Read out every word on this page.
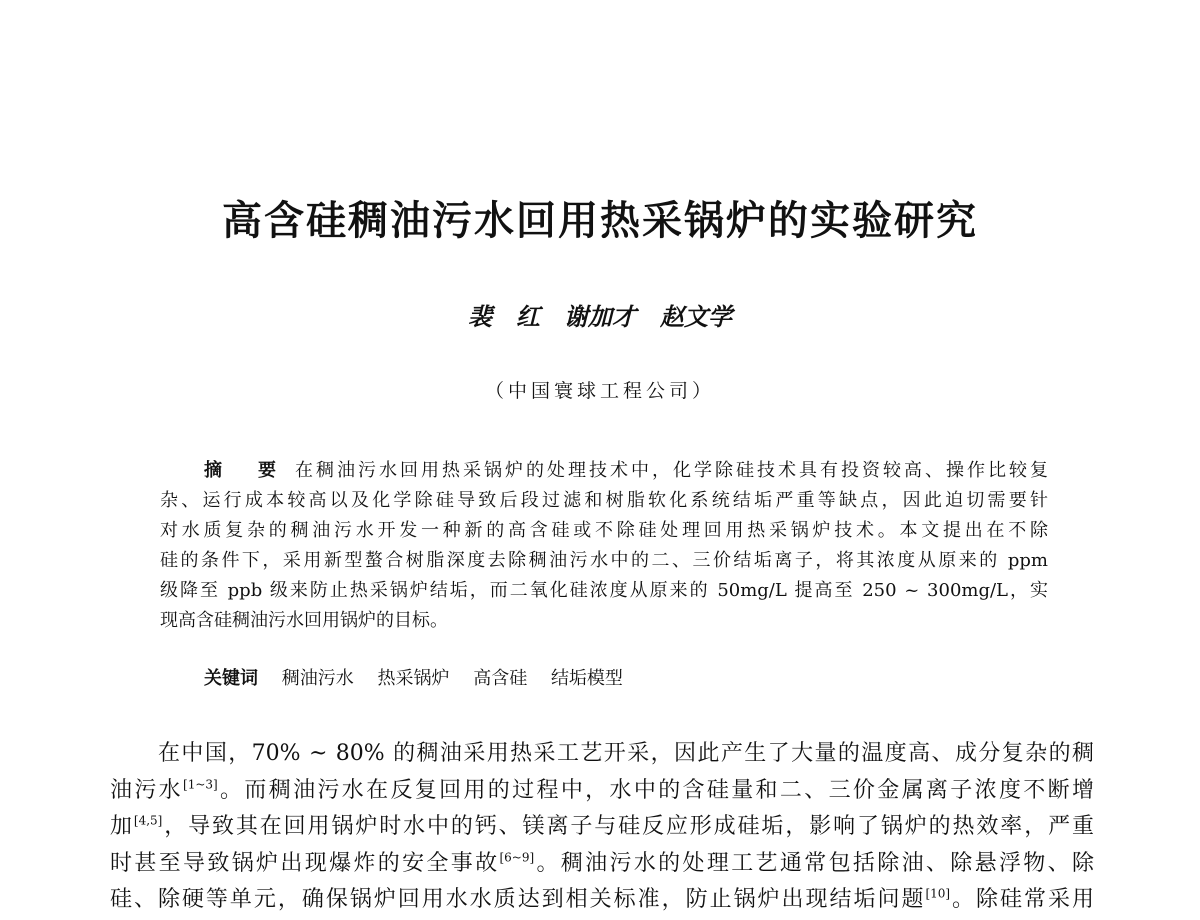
高含硅稠油污水回用热采锅炉的实验研究
裴　红　谢加才　赵文学
（中国寰球工程公司）
摘　要 在稠油污水回用热采锅炉的处理技术中，化学除硅技术具有投资较高、操作比较复
杂、运行成本较高以及化学除硅导致后段过滤和树脂软化系统结垢严重等缺点，因此迫切需要针
对水质复杂的稠油污水开发一种新的高含硅或不除硅处理回用热采锅炉技术。本文提出在不除
硅的条件下，采用新型螯合树脂深度去除稠油污水中的二、三价结垢离子，将其浓度从原来的 ppm
级降至 ppb 级来防止热采锅炉结垢，而二氧化硅浓度从原来的 50mg/L 提高至 250 ~ 300mg/L，实
现高含硅稠油污水回用锅炉的目标。
关键词 稠油污水 热采锅炉 高含硅 结垢模型
在中国，70% ~ 80% 的稠油采用热采工艺开采，因此产生了大量的温度高、成分复杂的稠
油污水[1~3]。而稠油污水在反复回用的过程中，水中的含硅量和二、三价金属离子浓度不断增
加[4,5]，导致其在回用锅炉时水中的钙、镁离子与硅反应形成硅垢，影响了锅炉的热效率，严重
时甚至导致锅炉出现爆炸的安全事故[6~9]。稠油污水的处理工艺通常包括除油、除悬浮物、除
硅、除硬等单元，确保锅炉回用水水质达到相关标准，防止锅炉出现结垢问题[10]。除硅常采用
